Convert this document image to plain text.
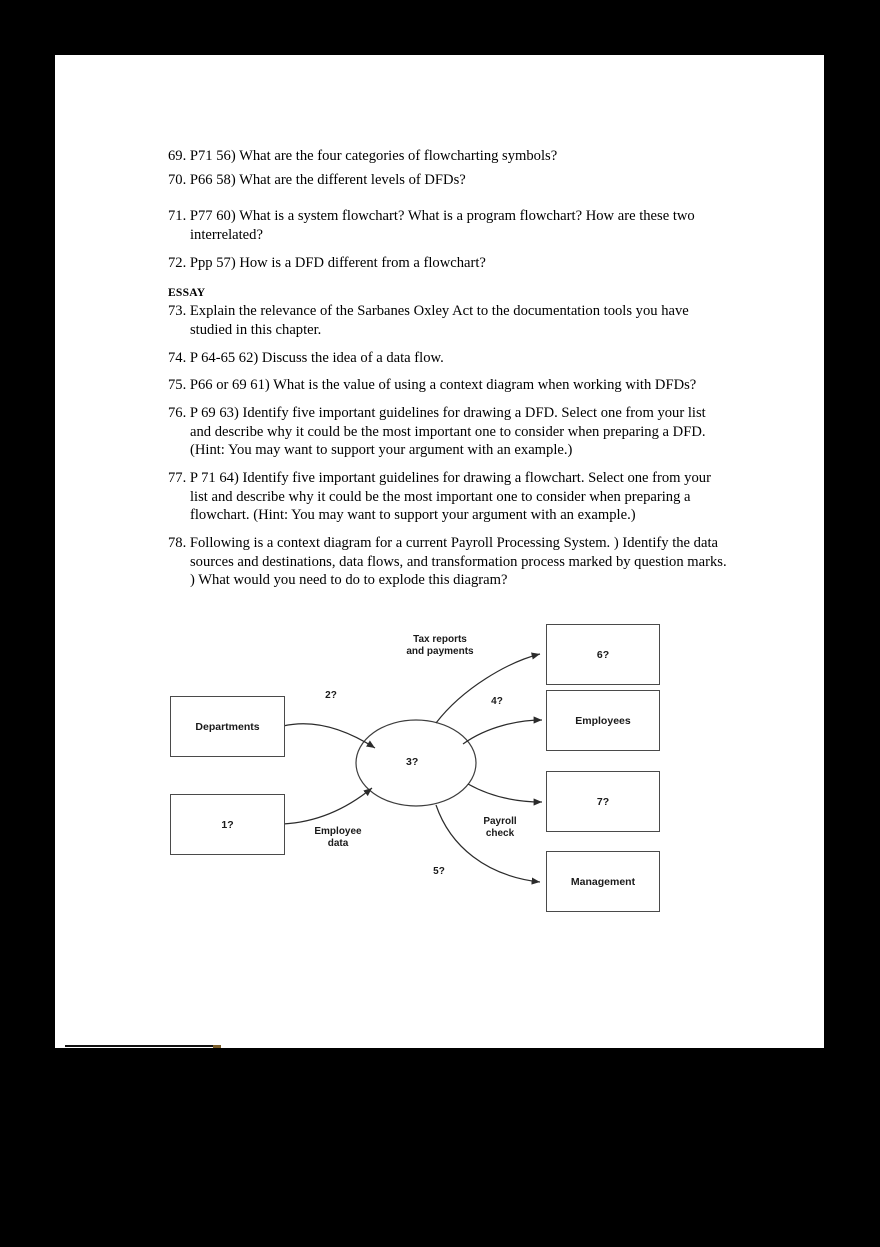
69. P71 56) What are the four categories of flowcharting symbols?

70. P66 58) What are the different levels of DFDs?

71. P77 60) What is a system flowchart? What is a program flowchart? How are these two interrelated?

72. Ppp 57) How is a DFD different from a flowchart?

ESSAY

73. Explain the relevance of the Sarbanes Oxley Act to the documentation tools you have studied in this chapter.

74. P 64-65 62) Discuss the idea of a data flow.

75. P66 or 69 61) What is the value of using a context diagram when working with DFDs?

76. P 69 63) Identify five important guidelines for drawing a DFD. Select one from your list and describe why it could be the most important one to consider when preparing a DFD. (Hint: You may want to support your argument with an example.)

77. P 71 64) Identify five important guidelines for drawing a flowchart. Select one from your list and describe why it could be the most important one to consider when preparing a flowchart. (Hint: You may want to support your argument with an example.)

78. Following is a context diagram for a current Payroll Processing System. ) Identify the data sources and destinations, data flows, and transformation process marked by question marks. ) What would you need to do to explode this diagram?

Departments
1?
6?
Employees
7?
Management
3?
Tax reports
and payments
2?
4?
Employee
data
Payroll
check
5?
